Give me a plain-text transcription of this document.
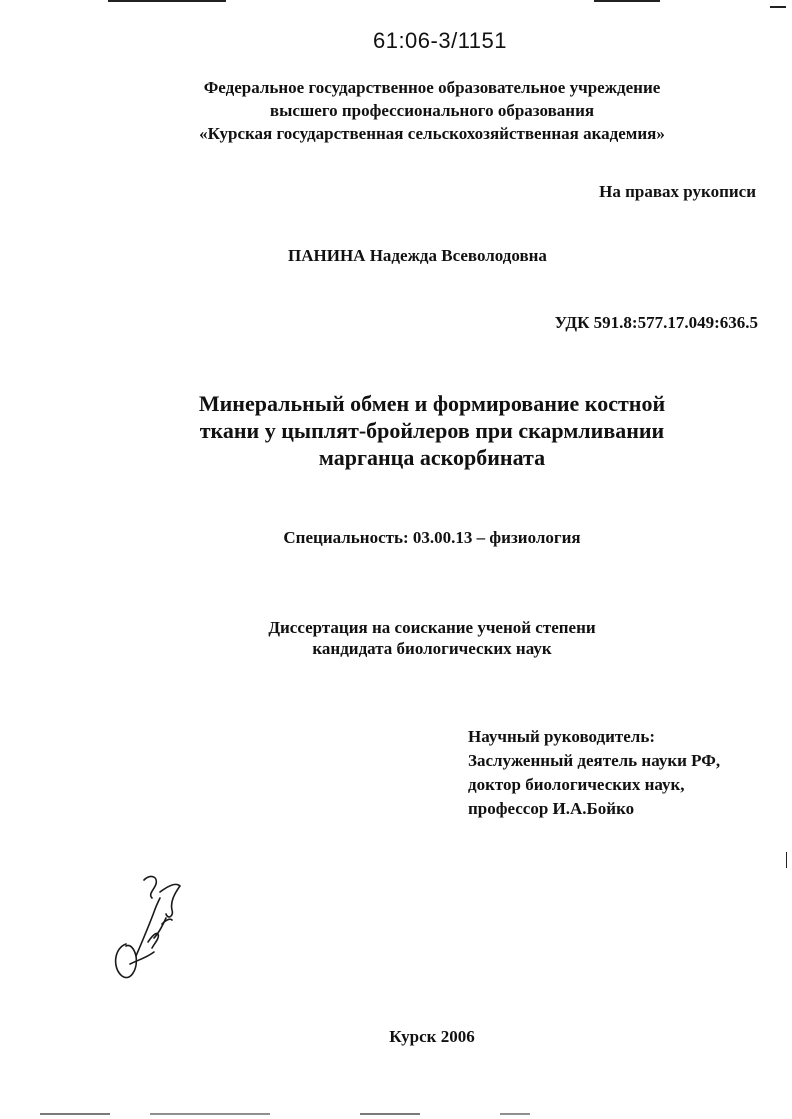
61:06-3/1151
Федеральное государственное образовательное учреждение
высшего профессионального образования
«Курская государственная сельскохозяйственная академия»
На правах рукописи
ПАНИНА Надежда Всеволодовна
УДК 591.8:577.17.049:636.5
Минеральный обмен и формирование костной
ткани у цыплят-бройлеров при скармливании
марганца аскорбината
Специальность: 03.00.13 – физиология
Диссертация на соискание ученой степени
кандидата биологических наук
Научный руководитель:
Заслуженный деятель науки РФ,
доктор биологических наук,
профессор И.А.Бойко
Курск 2006
